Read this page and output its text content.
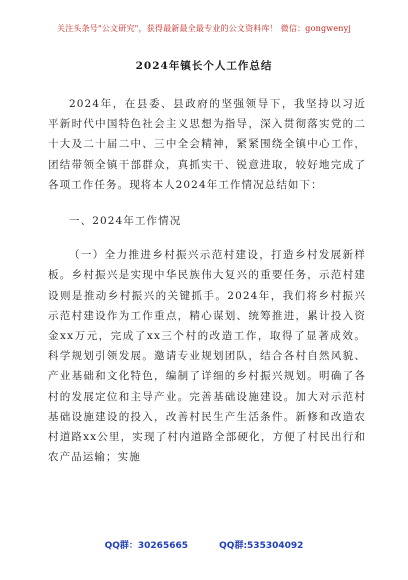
关注头条号"公文研究"，获得最新最全最专业的公文资料库！ 微信：gongwenyj
2024年镇长个人工作总结

2024年，在县委、县政府的坚强领导下，我坚持以习近平新时代中国特色社会主义思想为指导，深入贯彻落实党的二十大及二十届二中、三中全会精神，紧紧围绕全镇中心工作，团结带领全镇干部群众，真抓实干、锐意进取，较好地完成了各项工作任务。现将本人2024年工作情况总结如下：

一、2024年工作情况

（一）全力推进乡村振兴示范村建设，打造乡村发展新样板。乡村振兴是实现中华民族伟大复兴的重要任务，示范村建设则是推动乡村振兴的关键抓手。2024年，我们将乡村振兴示范村建设作为工作重点，精心谋划、统筹推进，累计投入资金xx万元，完成了xx三个村的改造工作，取得了显著成效。科学规划引领发展。邀请专业规划团队，结合各村自然风貌、产业基础和文化特色，编制了详细的乡村振兴规划。明确了各村的发展定位和主导产业。完善基础设施建设。加大对示范村基础设施建设的投入，改善村民生产生活条件。新修和改造农村道路xx公里，实现了村内道路全部硬化，方便了村民出行和农产品运输；实施

QQ群：30265665	QQ群:535304092
